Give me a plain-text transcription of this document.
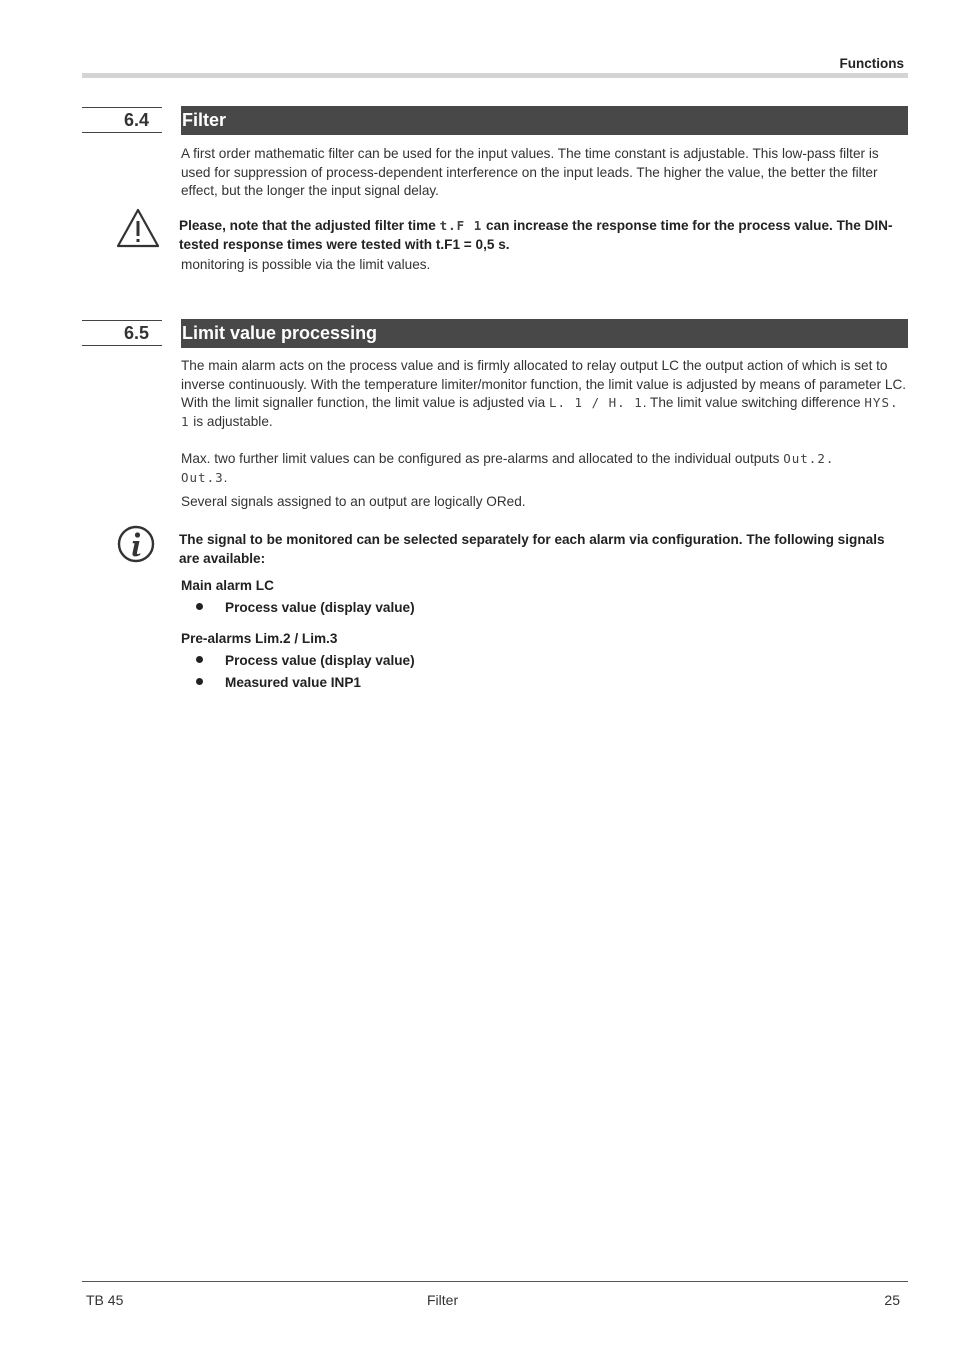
Functions
6.4	Filter
A first order mathematic filter can be used for the input values. The time constant is adjustable. This low-pass filter is used for suppression of process-dependent interference on the input leads. The higher the value, the better the filter effect, but the longer the input signal delay.
Please, note that the adjusted filter time t.F 1 can increase the response time for the process value. The DIN-tested response times were tested with t.F1 = 0,5 s.
monitoring is possible via the limit values.
6.5	Limit value processing
The main alarm acts on the process value and is firmly allocated to relay output LC the output action of which is set to inverse continuously. With the temperature limiter/monitor function, the limit value is adjusted by means of parameter LC. With the limit signaller function, the limit value is adjusted via L. 1 / H. 1. The limit value switching difference HYS. 1 is adjustable.
Max. two further limit values can be configured as pre-alarms and allocated to the individual outputs Out.2.
Out.3.
Several signals assigned to an output are logically ORed.
The signal to be monitored can be selected separately for each alarm via configuration. The following signals are available:
Main alarm LC
Process value (display value)
Pre-alarms Lim.2 / Lim.3
Process value (display value)
Measured value INP1
TB 45	Filter	25
